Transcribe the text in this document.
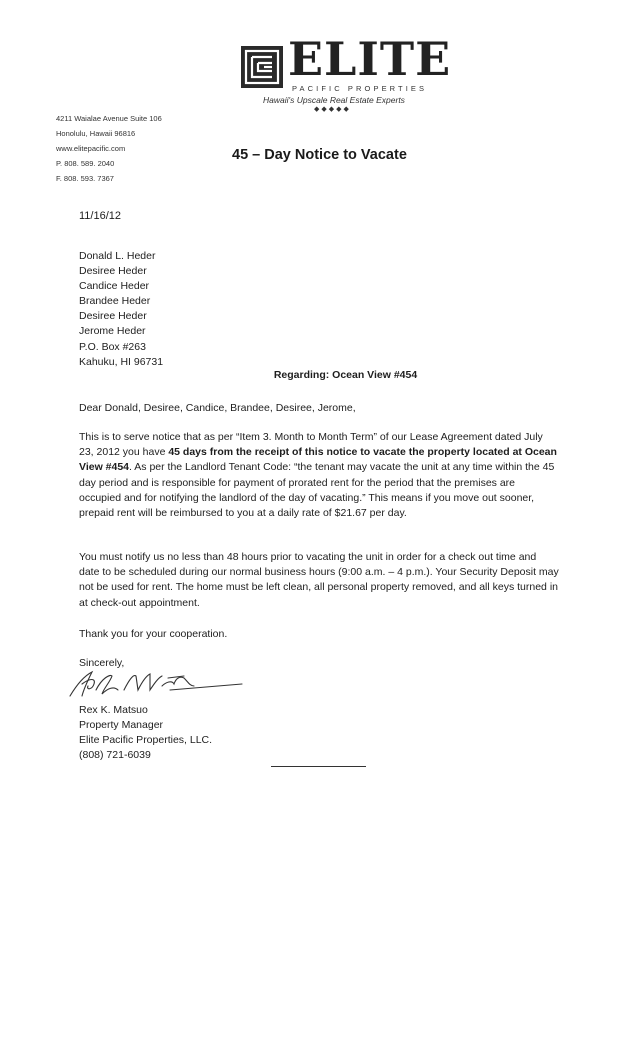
ELITE
PACIFIC PROPERTIES
Hawaii's Upscale Real Estate Experts
◆◆◆◆◆
4211 Waialae Avenue Suite 106
Honolulu, Hawaii 96816
www.elitepacific.com
P. 808. 589. 2040
F. 808. 593. 7367
45 – Day Notice to Vacate
11/16/12
Donald L. Heder
Desiree Heder
Candice Heder
Brandee Heder
Desiree Heder
Jerome Heder
P.O. Box #263
Kahuku, HI 96731
Regarding: Ocean View #454
Dear Donald, Desiree, Candice, Brandee, Desiree, Jerome,

This is to serve notice that as per “Item 3. Month to Month Term” of our Lease Agreement dated July 23, 2012 you have 45 days from the receipt of this notice to vacate the property located at Ocean View #454. As per the Landlord Tenant Code: “the tenant may vacate the unit at any time within the 45 day period and is responsible for payment of prorated rent for the period that the premises are occupied and for notifying the landlord of the day of vacating.” This means if you move out sooner, prepaid rent will be reimbursed to you at a daily rate of $21.67 per day.

You must notify us no less than 48 hours prior to vacating the unit in order for a check out time and date to be scheduled during our normal business hours (9:00 a.m. – 4 p.m.). Your Security Deposit may not be used for rent. The home must be left clean, all personal property removed, and all keys turned in at check-out appointment.

Thank you for your cooperation.
Sincerely,
Rex K. Matsuo
Property Manager
Elite Pacific Properties, LLC.
(808) 721-6039
